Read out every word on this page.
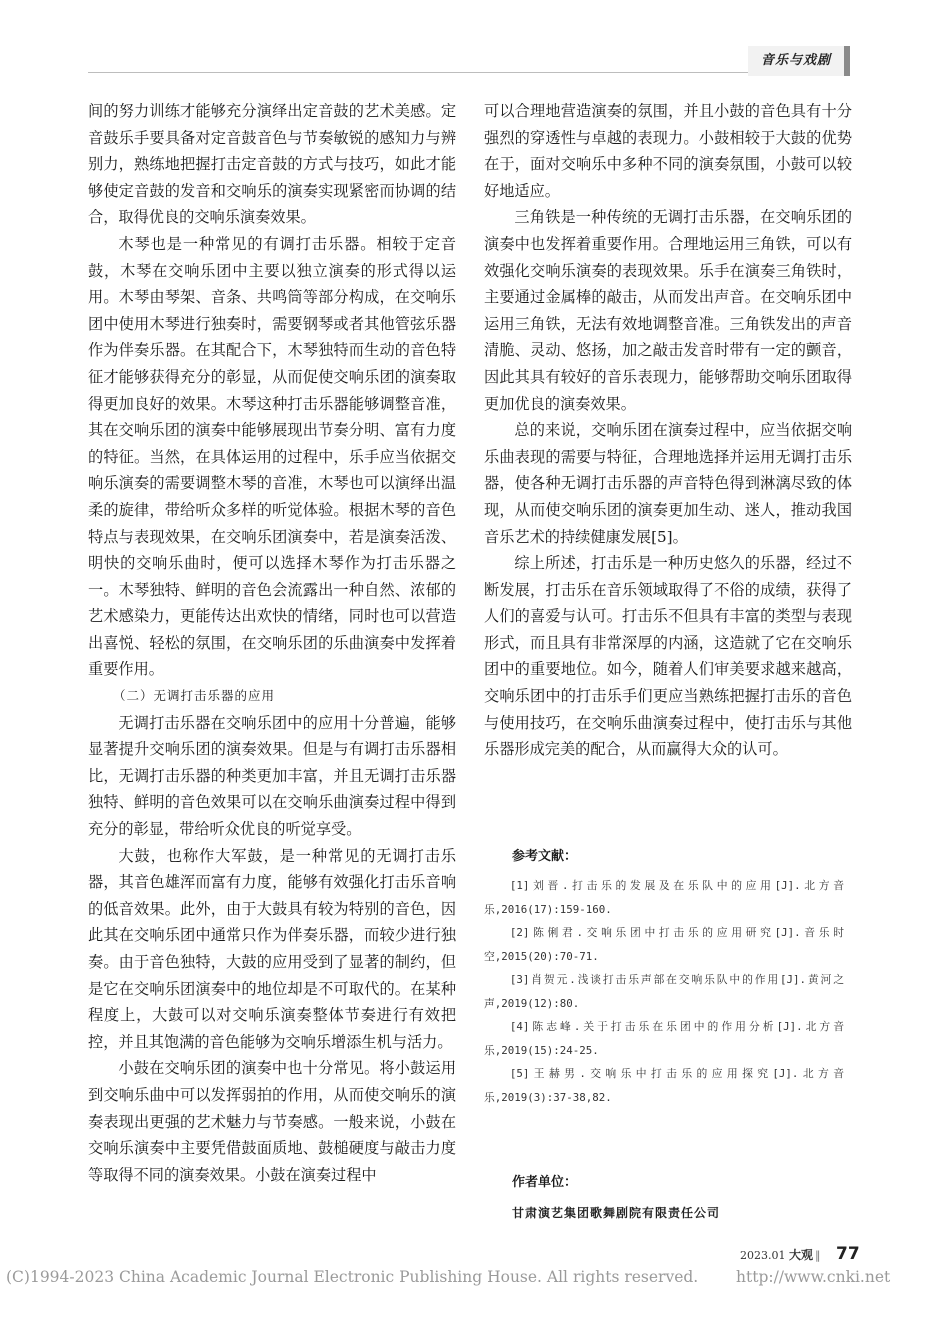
音乐与戏剧

间的努力训练才能够充分演绎出定音鼓的艺术美感。定音鼓乐手要具备对定音鼓音色与节奏敏锐的感知力与辨别力，熟练地把握打击定音鼓的方式与技巧，如此才能够使定音鼓的发音和交响乐的演奏实现紧密而协调的结合，取得优良的交响乐演奏效果。

木琴也是一种常见的有调打击乐器。相较于定音鼓，木琴在交响乐团中主要以独立演奏的形式得以运用。木琴由琴架、音条、共鸣筒等部分构成，在交响乐团中使用木琴进行独奏时，需要钢琴或者其他管弦乐器作为伴奏乐器。在其配合下，木琴独特而生动的音色特征才能够获得充分的彰显，从而促使交响乐团的演奏取得更加良好的效果。木琴这种打击乐器能够调整音准，其在交响乐团的演奏中能够展现出节奏分明、富有力度的特征。当然，在具体运用的过程中，乐手应当依据交响乐演奏的需要调整木琴的音准，木琴也可以演绎出温柔的旋律，带给听众多样的听觉体验。根据木琴的音色特点与表现效果，在交响乐团演奏中，若是演奏活泼、明快的交响乐曲时，便可以选择木琴作为打击乐器之一。木琴独特、鲜明的音色会流露出一种自然、浓郁的艺术感染力，更能传达出欢快的情绪，同时也可以营造出喜悦、轻松的氛围，在交响乐团的乐曲演奏中发挥着重要作用。

（二）无调打击乐器的应用

无调打击乐器在交响乐团中的应用十分普遍，能够显著提升交响乐团的演奏效果。但是与有调打击乐器相比，无调打击乐器的种类更加丰富，并且无调打击乐器独特、鲜明的音色效果可以在交响乐曲演奏过程中得到充分的彰显，带给听众优良的听觉享受。

大鼓，也称作大军鼓，是一种常见的无调打击乐器，其音色雄浑而富有力度，能够有效强化打击乐音响的低音效果。此外，由于大鼓具有较为特别的音色，因此其在交响乐团中通常只作为伴奏乐器，而较少进行独奏。由于音色独特，大鼓的应用受到了显著的制约，但是它在交响乐团演奏中的地位却是不可取代的。在某种程度上，大鼓可以对交响乐演奏整体节奏进行有效把控，并且其饱满的音色能够为交响乐增添生机与活力。

小鼓在交响乐团的演奏中也十分常见。将小鼓运用到交响乐曲中可以发挥弱拍的作用，从而使交响乐的演奏表现出更强的艺术魅力与节奏感。一般来说，小鼓在交响乐演奏中主要凭借鼓面质地、鼓槌硬度与敲击力度等取得不同的演奏效果。小鼓在演奏过程中

可以合理地营造演奏的氛围，并且小鼓的音色具有十分强烈的穿透性与卓越的表现力。小鼓相较于大鼓的优势在于，面对交响乐中多种不同的演奏氛围，小鼓可以较好地适应。

三角铁是一种传统的无调打击乐器，在交响乐团的演奏中也发挥着重要作用。合理地运用三角铁，可以有效强化交响乐演奏的表现效果。乐手在演奏三角铁时，主要通过金属棒的敲击，从而发出声音。在交响乐团中运用三角铁，无法有效地调整音准。三角铁发出的声音清脆、灵动、悠扬，加之敲击发音时带有一定的颤音，因此其具有较好的音乐表现力，能够帮助交响乐团取得更加优良的演奏效果。

总的来说，交响乐团在演奏过程中，应当依据交响乐曲表现的需要与特征，合理地选择并运用无调打击乐器，使各种无调打击乐器的声音特色得到淋漓尽致的体现，从而使交响乐团的演奏更加生动、迷人，推动我国音乐艺术的持续健康发展[5]。

综上所述，打击乐是一种历史悠久的乐器，经过不断发展，打击乐在音乐领域取得了不俗的成绩，获得了人们的喜爱与认可。打击乐不但具有丰富的类型与表现形式，而且具有非常深厚的内涵，这造就了它在交响乐团中的重要地位。如今，随着人们审美要求越来越高，交响乐团中的打击乐手们更应当熟练把握打击乐的音色与使用技巧，在交响乐曲演奏过程中，使打击乐与其他乐器形成完美的配合，从而赢得大众的认可。

参考文献：
[1]刘晋.打击乐的发展及在乐队中的应用[J].北方音乐,2016(17):159-160.
[2]陈俐君.交响乐团中打击乐的应用研究[J].音乐时空,2015(20):70-71.
[3]肖贺元.浅谈打击乐声部在交响乐队中的作用[J].黄河之声,2019(12):80.
[4]陈志峰.关于打击乐在乐团中的作用分析[J].北方音乐,2019(15):24-25.
[5]王赫男.交响乐中打击乐的应用探究[J].北方音乐,2019(3):37-38,82.
作者单位：
甘肃演艺集团歌舞剧院有限责任公司
2023.01 大观 ‖ 77
(C)1994-2023 China Academic Journal Electronic Publishing House. All rights reserved. http://www.cnki.net
